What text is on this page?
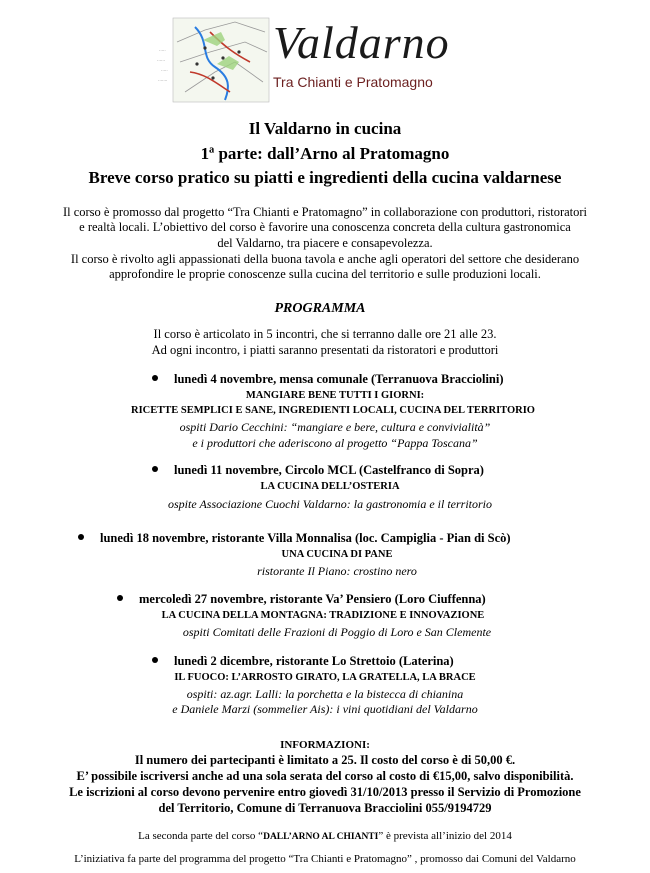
·····
······
·····
·······
Valdarno
Tra Chianti e Pratomagno
Il Valdarno in cucina
1ª parte: dall’Arno al Pratomagno
Breve corso pratico su piatti e ingredienti della cucina valdarnese
Il corso è promosso dal progetto “Tra Chianti e Pratomagno” in collaborazione con produttori, ristoratori
e realtà locali. L’obiettivo del corso è favorire una conoscenza concreta della cultura gastronomica
del Valdarno, tra piacere e consapevolezza.
Il corso è rivolto agli appassionati della buona tavola e anche agli operatori del settore che desiderano
approfondire le proprie conoscenze sulla cucina del territorio e sulle produzioni locali.
PROGRAMMA
Il corso è articolato in 5 incontri, che si terranno dalle ore 21 alle 23.
Ad ogni incontro, i piatti saranno presentati da ristoratori e produttori
lunedì 4 novembre, mensa comunale (Terranuova Bracciolini)
MANGIARE BENE TUTTI I GIORNI:
RICETTE SEMPLICI E SANE, INGREDIENTI LOCALI, CUCINA DEL TERRITORIO
ospiti Dario Cecchini: “mangiare e bere, cultura e convivialità”
e i produttori che aderiscono al progetto “Pappa Toscana”
lunedì 11 novembre, Circolo MCL (Castelfranco di Sopra)
LA CUCINA DELL’OSTERIA
ospite Associazione Cuochi Valdarno: la gastronomia e il territorio
lunedì 18 novembre, ristorante Villa Monnalisa (loc. Campiglia - Pian di Scò)
UNA CUCINA DI PANE
ristorante Il Piano: crostino nero
mercoledì 27 novembre, ristorante Va’ Pensiero (Loro Ciuffenna)
LA CUCINA DELLA MONTAGNA: TRADIZIONE E INNOVAZIONE
ospiti Comitati delle Frazioni di Poggio di Loro e San Clemente
lunedì 2 dicembre, ristorante Lo Strettoio (Laterina)
IL FUOCO: L’ARROSTO GIRATO, LA GRATELLA, LA BRACE
ospiti: az.agr. Lalli: la porchetta e la bistecca di chianina
e Daniele Marzi (sommelier Ais): i vini quotidiani del Valdarno
INFORMAZIONI:
Il numero dei partecipanti è limitato a 25. Il costo del corso è di 50,00 €.
E’ possibile iscriversi anche ad una sola serata del corso al costo di €15,00, salvo disponibilità.
Le iscrizioni al corso devono pervenire entro giovedì 31/10/2013 presso il Servizio di Promozione
del Territorio, Comune di Terranuova Bracciolini 055/9194729
La seconda parte del corso “DALL’ARNO AL CHIANTI” è prevista all’inizio del 2014
L’iniziativa fa parte del programma del progetto “Tra Chianti e Pratomagno” , promosso dai Comuni del Valdarno
